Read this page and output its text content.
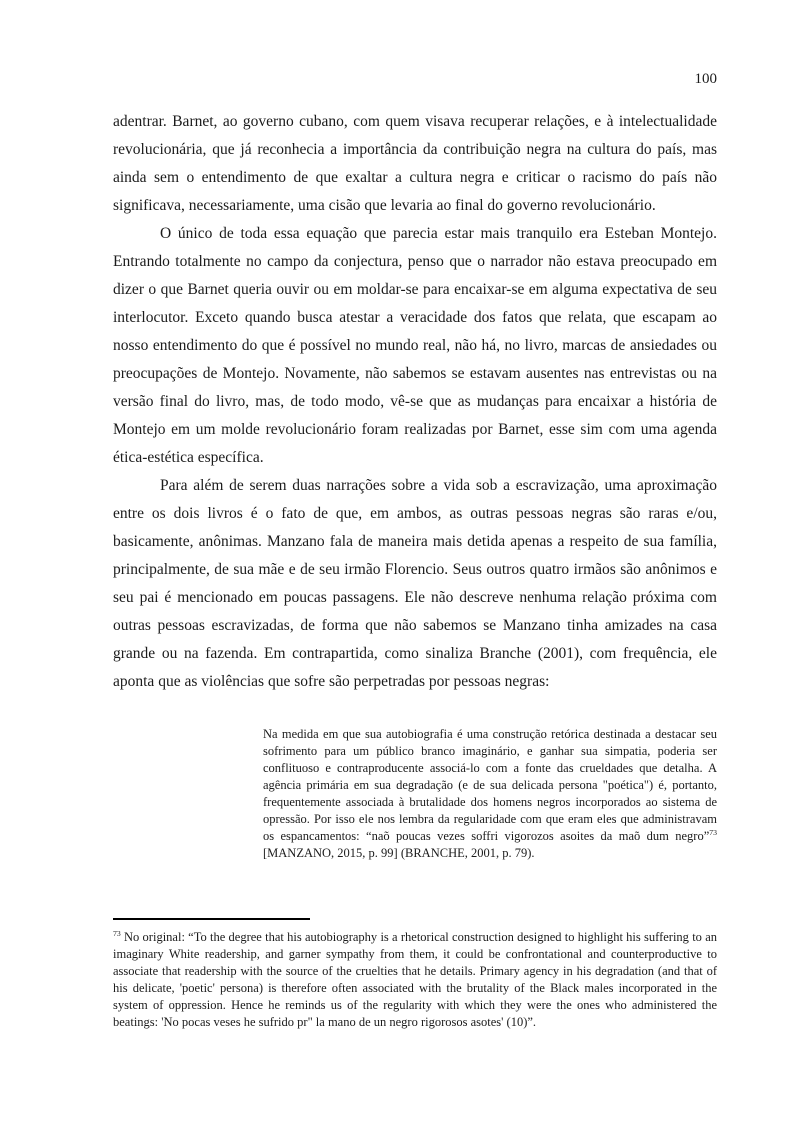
100

adentrar. Barnet, ao governo cubano, com quem visava recuperar relações, e à intelectualidade revolucionária, que já reconhecia a importância da contribuição negra na cultura do país, mas ainda sem o entendimento de que exaltar a cultura negra e criticar o racismo do país não significava, necessariamente, uma cisão que levaria ao final do governo revolucionário.

O único de toda essa equação que parecia estar mais tranquilo era Esteban Montejo. Entrando totalmente no campo da conjectura, penso que o narrador não estava preocupado em dizer o que Barnet queria ouvir ou em moldar-se para encaixar-se em alguma expectativa de seu interlocutor. Exceto quando busca atestar a veracidade dos fatos que relata, que escapam ao nosso entendimento do que é possível no mundo real, não há, no livro, marcas de ansiedades ou preocupações de Montejo. Novamente, não sabemos se estavam ausentes nas entrevistas ou na versão final do livro, mas, de todo modo, vê-se que as mudanças para encaixar a história de Montejo em um molde revolucionário foram realizadas por Barnet, esse sim com uma agenda ética-estética específica.

Para além de serem duas narrações sobre a vida sob a escravização, uma aproximação entre os dois livros é o fato de que, em ambos, as outras pessoas negras são raras e/ou, basicamente, anônimas. Manzano fala de maneira mais detida apenas a respeito de sua família, principalmente, de sua mãe e de seu irmão Florencio. Seus outros quatro irmãos são anônimos e seu pai é mencionado em poucas passagens. Ele não descreve nenhuma relação próxima com outras pessoas escravizadas, de forma que não sabemos se Manzano tinha amizades na casa grande ou na fazenda. Em contrapartida, como sinaliza Branche (2001), com frequência, ele aponta que as violências que sofre são perpetradas por pessoas negras:

Na medida em que sua autobiografia é uma construção retórica destinada a destacar seu sofrimento para um público branco imaginário, e ganhar sua simpatia, poderia ser conflituoso e contraproducente associá-lo com a fonte das crueldades que detalha. A agência primária em sua degradação (e de sua delicada persona "poética") é, portanto, frequentemente associada à brutalidade dos homens negros incorporados ao sistema de opressão. Por isso ele nos lembra da regularidade com que eram eles que administravam os espancamentos: “naõ poucas vezes soffri vigorozos asoites da maõ dum negro”$^{73}$ [MANZANO, 2015, p. 99] (BRANCHE, 2001, p. 79).
$^{73}$ No original: “To the degree that his autobiography is a rhetorical construction designed to highlight his suffering to an imaginary White readership, and garner sympathy from them, it could be confrontational and counterproductive to associate that readership with the source of the cruelties that he details. Primary agency in his degradation (and that of his delicate, 'poetic' persona) is therefore often associated with the brutality of the Black males incorporated in the system of oppression. Hence he reminds us of the regularity with which they were the ones who administered the beatings: 'No pocas veses he sufrido pr" la mano de un negro rigorosos asotes' (10)”.
